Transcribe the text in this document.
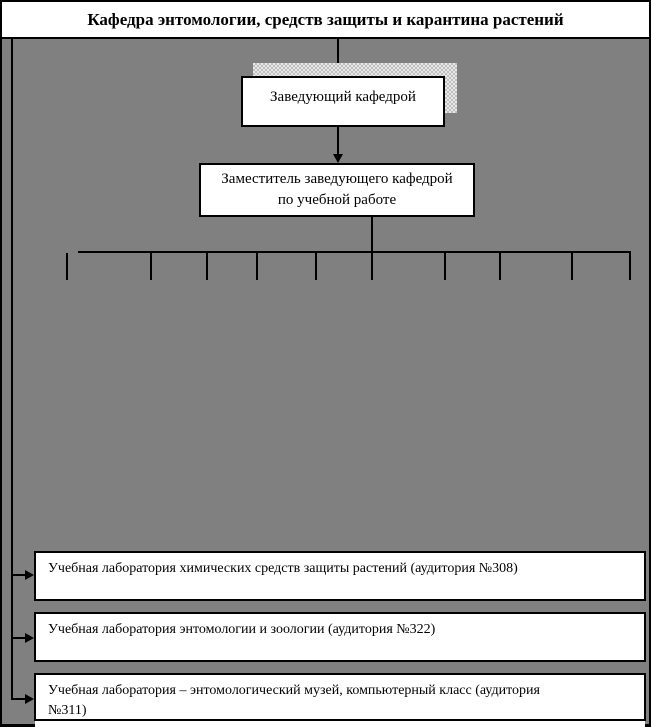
Кафедра энтомологии, средств защиты и карантина растений
Заведующий кафедрой
Заместитель заведующего кафедрой
по учебной работе
Учебная лаборатория химических средств защиты растений (аудитория №308)
Учебная лаборатория энтомологии и зоологии (аудитория №322)
Учебная лаборатория – энтомологический музей, компьютерный класс (аудитория
№311)
